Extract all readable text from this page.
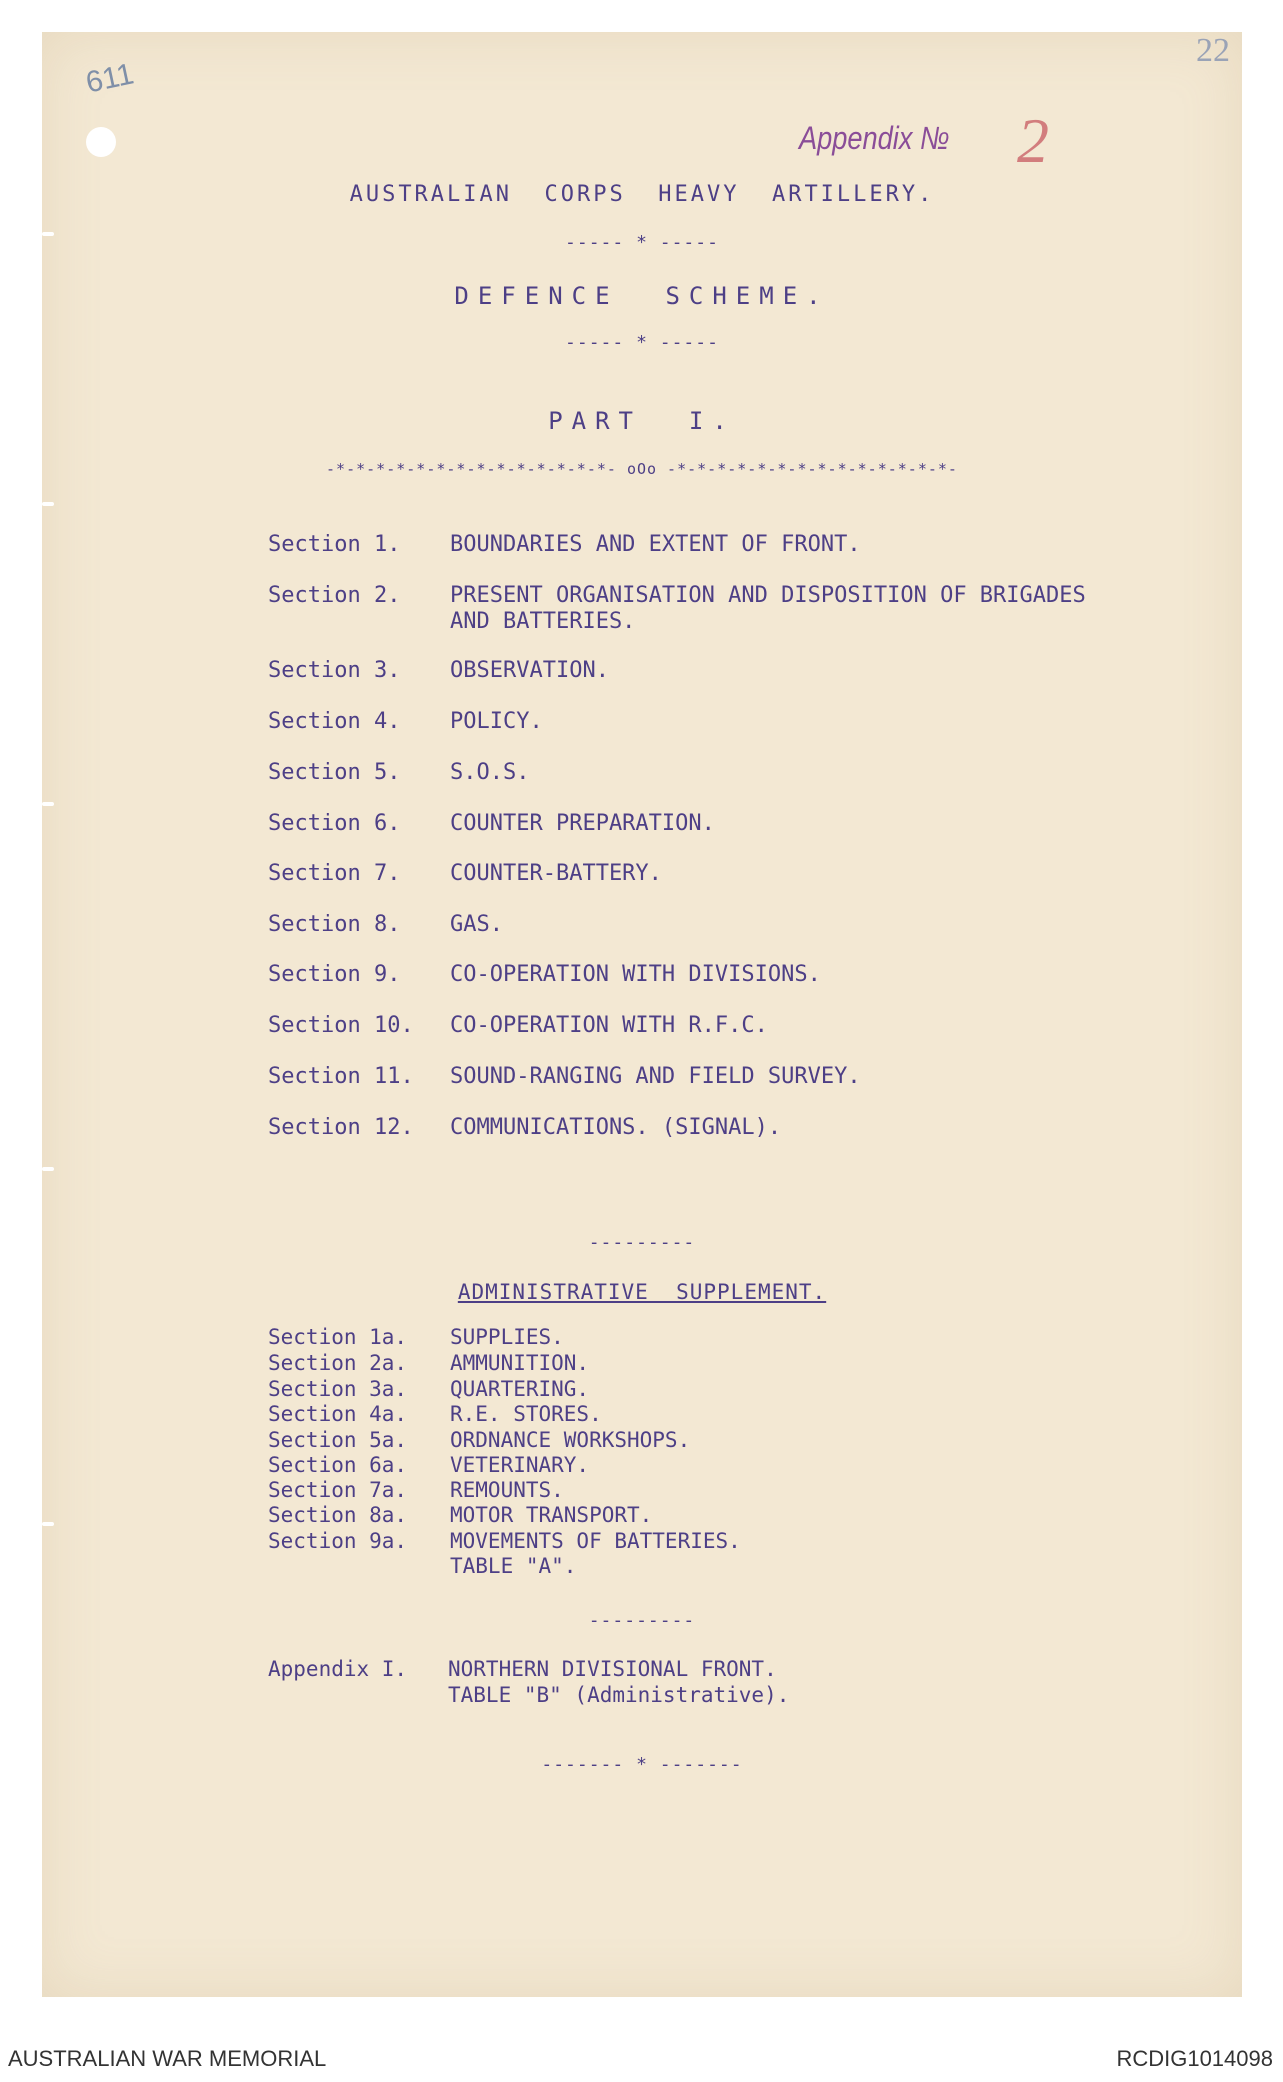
611
22
Appendix № 2
AUSTRALIAN  CORPS  HEAVY  ARTILLERY.
----- * -----
DEFENCE  SCHEME.
----- * -----
PART  I.
-*-*-*-*-*-*-*-*-*-*-*-*-*-*- oOo -*-*-*-*-*-*-*-*-*-*-*-*-*-*-
Section 1.	BOUNDARIES AND EXTENT OF FRONT.
Section 2.	PRESENT ORGANISATION AND DISPOSITION OF BRIGADES AND BATTERIES.
Section 3.	OBSERVATION.
Section 4.	POLICY.
Section 5.	S.O.S.
Section 6.	COUNTER PREPARATION.
Section 7.	COUNTER-BATTERY.
Section 8.	GAS.
Section 9.	CO-OPERATION WITH DIVISIONS.
Section 10.	CO-OPERATION WITH R.F.C.
Section 11.	SOUND-RANGING AND FIELD SURVEY.
Section 12.	COMMUNICATIONS. (SIGNAL).
---------
ADMINISTRATIVE  SUPPLEMENT.
Section 1a.	SUPPLIES.
Section 2a.	AMMUNITION.
Section 3a.	QUARTERING.
Section 4a.	R.E. STORES.
Section 5a.	ORDNANCE WORKSHOPS.
Section 6a.	VETERINARY.
Section 7a.	REMOUNTS.
Section 8a.	MOTOR TRANSPORT.
Section 9a.	MOVEMENTS OF BATTERIES.
TABLE "A".
---------
Appendix I.	NORTHERN DIVISIONAL FRONT.
TABLE "B" (Administrative).
------- * -------
AUSTRALIAN WAR MEMORIAL	RCDIG1014098
